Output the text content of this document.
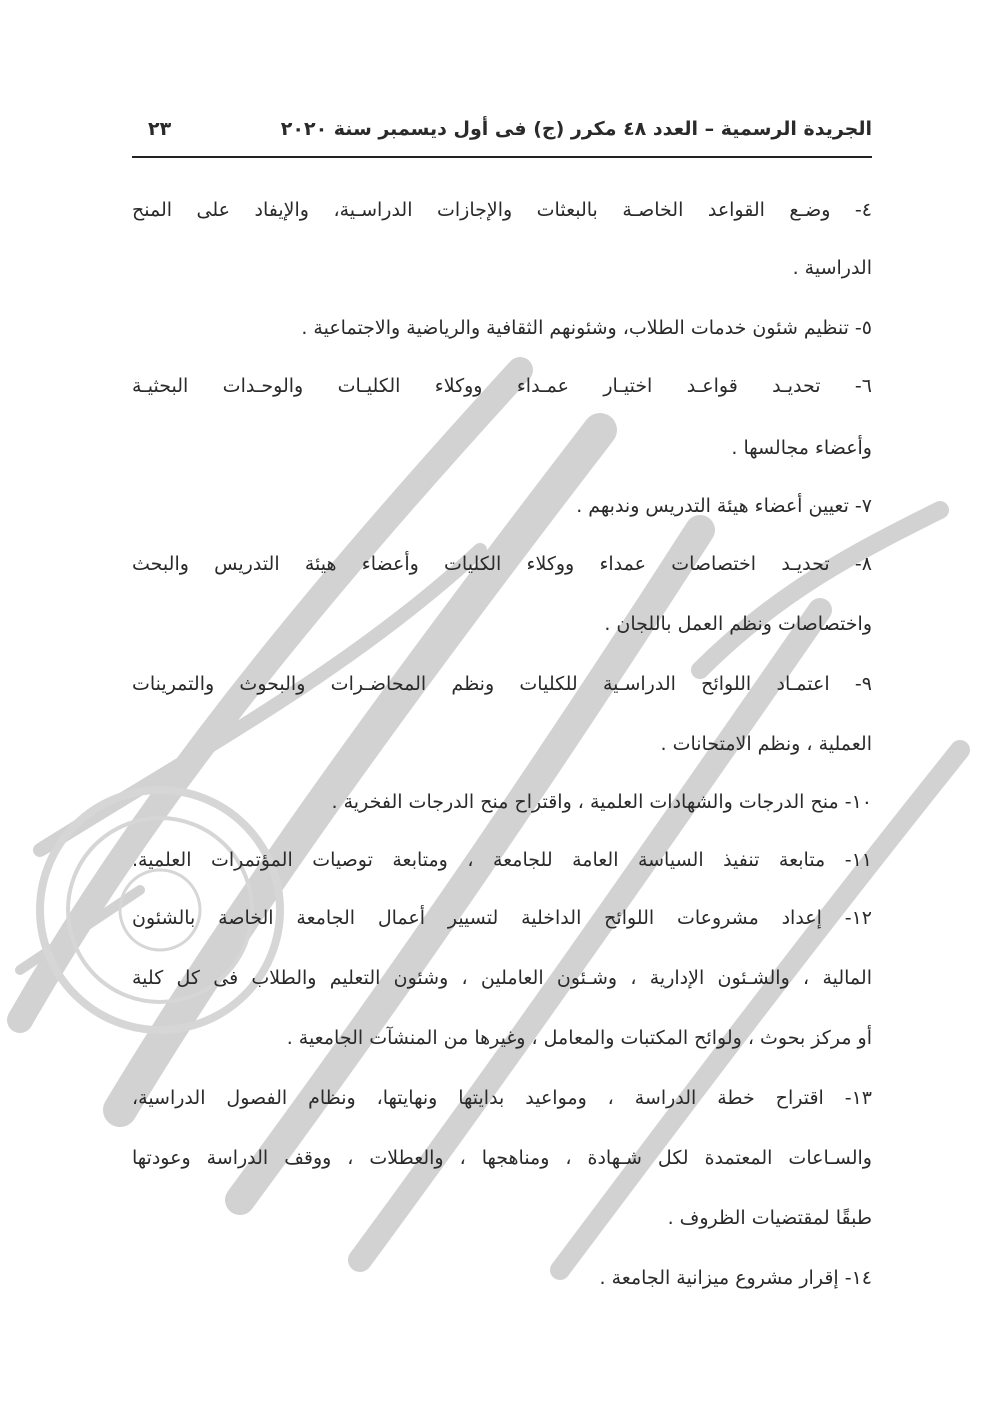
الجريدة الرسمية – العدد ٤٨ مكرر (ج) فى أول ديسمبر سنة ٢٠٢٠
٢٣
٤- وضـع القواعد الخاصـة بالبعثات والإجازات الدراسـية، والإيفاد على المنح
الدراسية .
٥- تنظيم شئون خدمات الطلاب، وشئونهم الثقافية والرياضية والاجتماعية .
٦- تحديـد قواعـد اختيـار عمـداء ووكلاء الكليـات والوحـدات البحثيـة
وأعضاء مجالسها .
٧- تعيين أعضاء هيئة التدريس وندبهم .
٨- تحديـد اختصاصات عمداء ووكلاء الكليات وأعضاء هيئة التدريس والبحث
واختصاصات ونظم العمل باللجان .
٩- اعتمـاد اللوائح الدراسـية للكليات ونظم المحاضـرات والبحوث والتمرينات
العملية ، ونظم الامتحانات .
١٠- منح الدرجات والشهادات العلمية ، واقتراح منح الدرجات الفخرية .
١١- متابعة تنفيذ السياسة العامة للجامعة ، ومتابعة توصيات المؤتمرات العلمية.
١٢- إعداد مشروعات اللوائح الداخلية لتسيير أعمال الجامعة الخاصة بالشئون
المالية ، والشـئون الإدارية ، وشـئون العاملين ، وشئون التعليم والطلاب فى كل كلية
أو مركز بحوث ، ولوائح المكتبات والمعامل ، وغيرها من المنشآت الجامعية .
١٣- اقتراح خطة الدراسة ، ومواعيد بدايتها ونهايتها، ونظام الفصول الدراسية،
والسـاعات المعتمدة لكل شـهادة ، ومناهجها ، والعطلات ، ووقف الدراسة وعودتها
طبقًا لمقتضيات الظروف .
١٤- إقرار مشروع ميزانية الجامعة .
